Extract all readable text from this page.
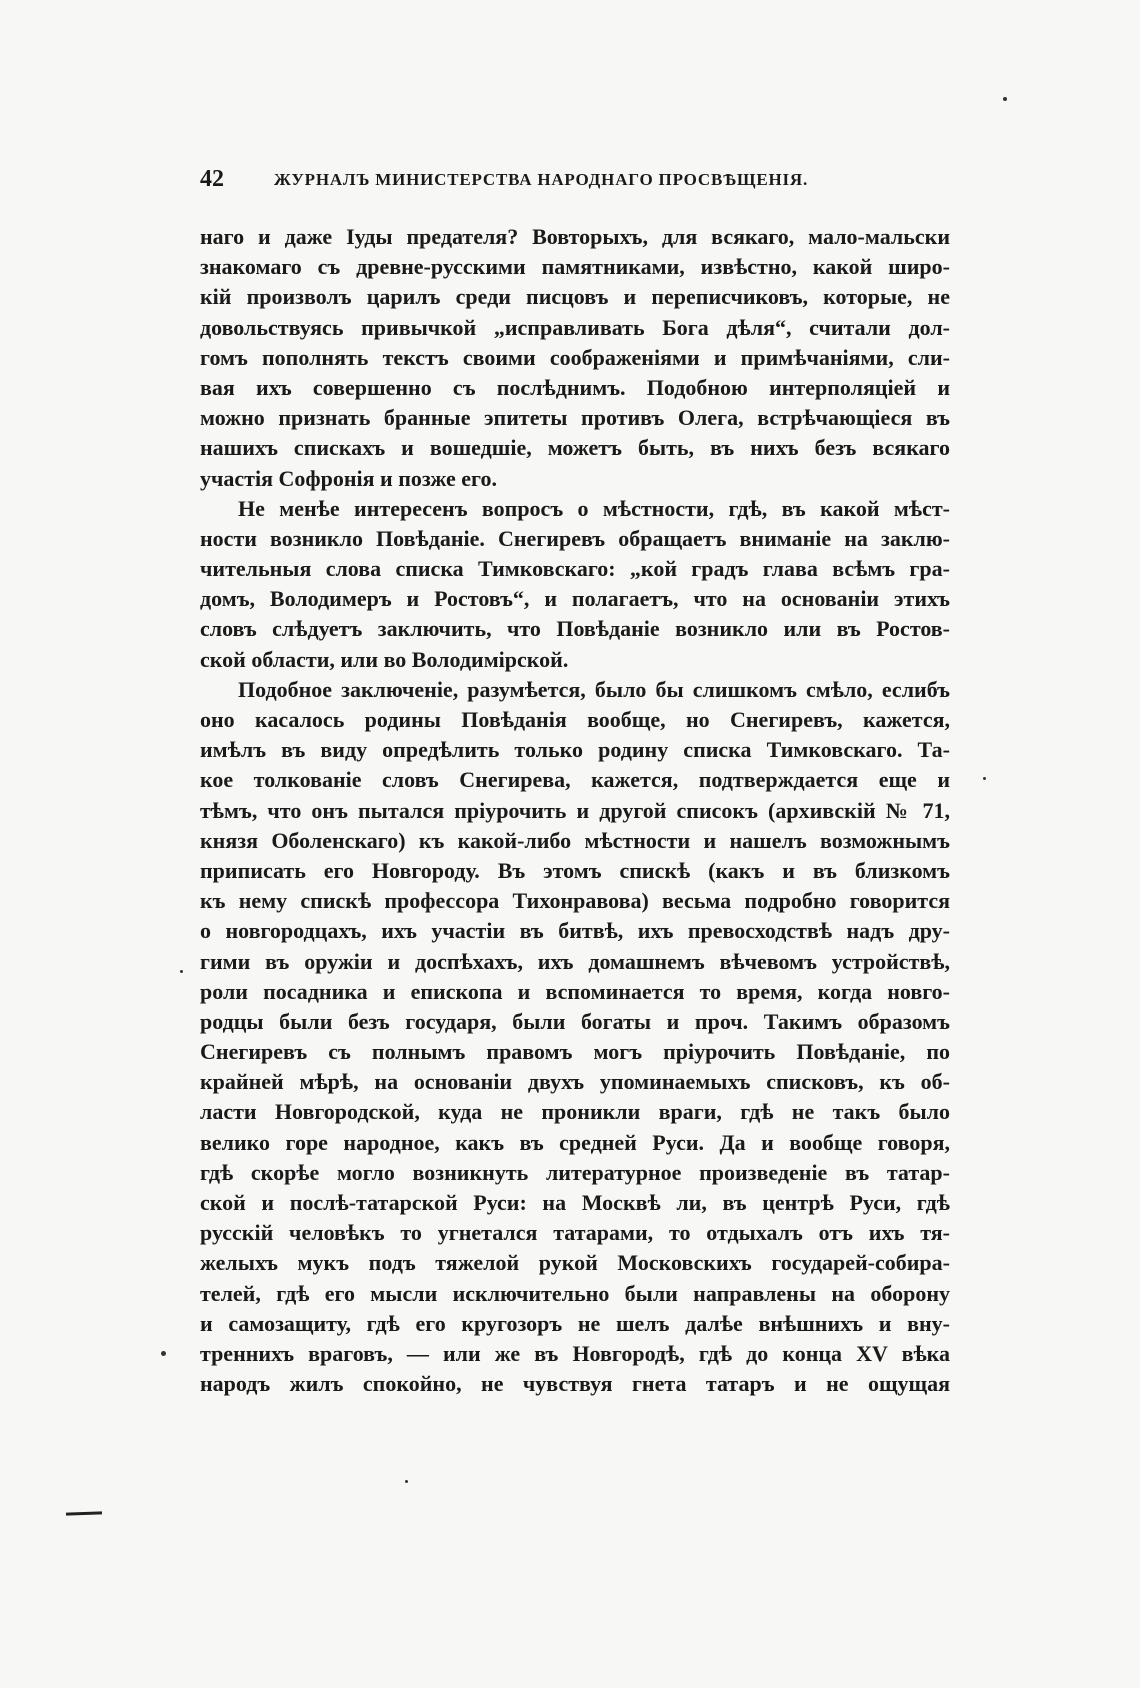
42	ЖУРНАЛЪ МИНИСТЕРСТВА НАРОДНАГО ПРОСВѢЩЕНІЯ.
наго и даже Іуды предателя? Вовторыхъ, для всякаго, мало-мальски
знакомаго съ древне-русскими памятниками, извѣстно, какой широ-
кій произволъ царилъ среди писцовъ и переписчиковъ, которые, не
довольствуясь привычкой „исправливать Бога дѣля“, считали дол-
гомъ пополнять текстъ своими соображеніями и примѣчаніями, сли-
вая ихъ совершенно съ послѣднимъ. Подобною интерполяціей и
можно признать бранные эпитеты противъ Олега, встрѣчающіеся въ
нашихъ спискахъ и вошедшіе, можетъ быть, въ нихъ безъ всякаго
участія Софронія и позже его.
Не менѣе интересенъ вопросъ о мѣстности, гдѣ, въ какой мѣст-
ности возникло Повѣданіе. Снегиревъ обращаетъ вниманіе на заклю-
чительныя слова списка Тимковскаго: „кой градъ глава всѣмъ гра-
домъ, Володимеръ и Ростовъ“, и полагаетъ, что на основаніи этихъ
словъ слѣдуетъ заключить, что Повѣданіе возникло или въ Ростов-
ской области, или во Володимірской.
Подобное заключеніе, разумѣется, было бы слишкомъ смѣло, еслибъ
оно касалось родины Повѣданія вообще, но Снегиревъ, кажется,
имѣлъ въ виду опредѣлить только родину списка Тимковскаго. Та-
кое толкованіе словъ Снегирева, кажется, подтверждается еще и
тѣмъ, что онъ пытался пріурочить и другой списокъ (архивскій № 71,
князя Оболенскаго) къ какой-либо мѣстности и нашелъ возможнымъ
приписать его Новгороду. Въ этомъ спискѣ (какъ и въ близкомъ
къ нему спискѣ профессора Тихонравова) весьма подробно говорится
о новгородцахъ, ихъ участіи въ битвѣ, ихъ превосходствѣ надъ дру-
гими въ оружіи и доспѣхахъ, ихъ домашнемъ вѣчевомъ устройствѣ,
роли посадника и епископа и вспоминается то время, когда новго-
родцы были безъ государя, были богаты и проч. Такимъ образомъ
Снегиревъ съ полнымъ правомъ могъ пріурочить Повѣданіе, по
крайней мѣрѣ, на основаніи двухъ упоминаемыхъ списковъ, къ об-
ласти Новгородской, куда не проникли враги, гдѣ не такъ было
велико горе народное, какъ въ средней Руси. Да и вообще говоря,
гдѣ скорѣе могло возникнуть литературное произведеніе въ татар-
ской и послѣ-татарской Руси: на Москвѣ ли, въ центрѣ Руси, гдѣ
русскій человѣкъ то угнетался татарами, то отдыхалъ отъ ихъ тя-
желыхъ мукъ подъ тяжелой рукой Московскихъ государей-собира-
телей, гдѣ его мысли исключительно были направлены на оборону
и самозащиту, гдѣ его кругозоръ не шелъ далѣе внѣшнихъ и вну-
треннихъ враговъ, — или же въ Новгородѣ, гдѣ до конца XV вѣка
народъ жилъ спокойно, не чувствуя гнета татаръ и не ощущая
